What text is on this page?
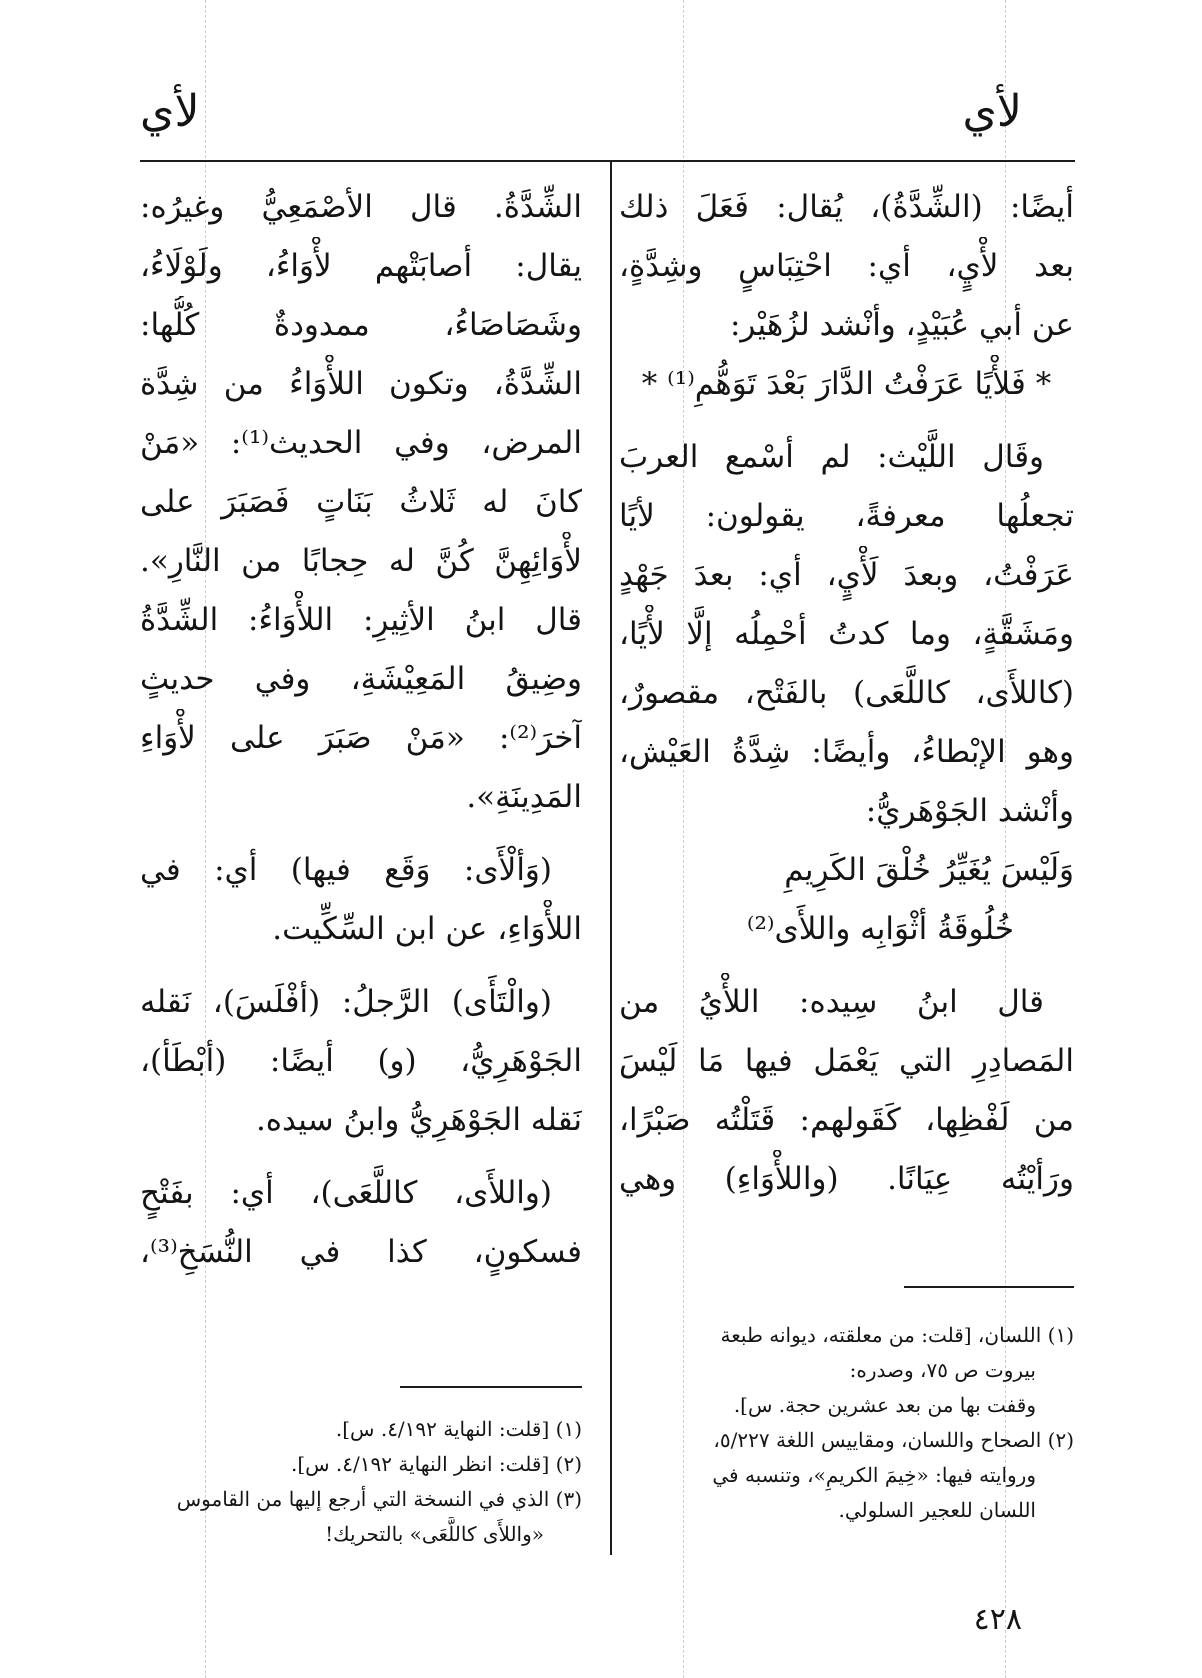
لأي
لأي
أيضًا: (الشِّدَّةُ)، يُقال: فَعَلَ ذلك
بعد لأْيٍ، أي: احْتِبَاسٍ وشِدَّةٍ،
عن أبي عُبَيْدٍ، وأنْشد لزُهَيْر:
* فَلأْيًا عَرَفْتُ الدَّارَ بَعْدَ تَوَهُّمِ⁽¹⁾ *
وقَال اللَّيْث: لم أسْمع العربَ
تجعلُها معرفةً، يقولون: لأيًا
عَرَفْتُ، وبعدَ لَأْيٍ، أي: بعدَ جَهْدٍ
ومَشَقَّةٍ، وما كدتُ أحْمِلُه إلَّا لأْيًا،
(كاللأَى، كاللَّعَى) بالفَتْح، مقصورٌ،
وهو الإبْطاءُ، وأيضًا: شِدَّةُ العَيْش،
وأنْشد الجَوْهَريُّ:
وَلَيْسَ يُغَيِّرُ خُلْقَ الكَرِيمِ
خُلُوقَةُ أثْوَابِه واللأَى⁽²⁾
قال ابنُ سِيده: اللأْيُ من
المَصادِرِ التي يَعْمَل فيها مَا لَيْسَ
من لَفْظِها، كَقَولهم: قَتَلْتُه صَبْرًا،
ورَأيْتُه عِيَانًا. (واللأْوَاءِ) وهي
الشِّدَّةُ. قال الأصْمَعِيُّ وغيرُه:
يقال: أصابَتْهم لأْوَاءُ، ولَوْلَاءُ،
وشَصَاصَاءُ، ممدودةٌ كُلُّها:
الشِّدَّةُ، وتكون اللأْوَاءُ من شِدَّة
المرض، وفي الحديث⁽¹⁾: «مَنْ
كانَ له ثَلاثُ بَنَاتٍ فَصَبَرَ على
لأْوَائِهِنَّ كُنَّ له حِجابًا من النَّارِ».
قال ابنُ الأثِيرِ: اللأْوَاءُ: الشِّدَّةُ
وضِيقُ المَعِيْشَةِ، وفي حديثٍ
آخرَ⁽²⁾: «مَنْ صَبَرَ على لأْوَاءِ
المَدِينَةِ».
(وَألْأَى: وَقَع فيها) أي: في
اللأْوَاءِ، عن ابن السِّكِّيت.
(والْتَأَى) الرَّجلُ: (أفْلَسَ)، نَقله
الجَوْهَرِيُّ، (و) أيضًا: (أبْطَأ)،
نَقله الجَوْهَرِيُّ وابنُ سيده.
(واللأَى، كاللَّعَى)، أي: بفَتْحٍ
فسكونٍ، كذا في النُّسَخِ⁽³⁾،
(١) اللسان، [قلت: من معلقته، ديوانه طبعة
بيروت ص ٧٥، وصدره:
وقفت بها من بعد عشرين حجة. س].
(٢) الصحاح واللسان، ومقاييس اللغة ٥/٢٢٧،
وروايته فيها: «خِيمَ الكريمِ»، وتنسبه في
اللسان للعجير السلولي.
(١) [قلت: النهاية ٤/١٩٢. س].
(٢) [قلت: انظر النهاية ٤/١٩٢. س].
(٣) الذي في النسخة التي أرجع إليها من القاموس
«واللأَى كاللَّعَى» بالتحريك!
٤٢٨
